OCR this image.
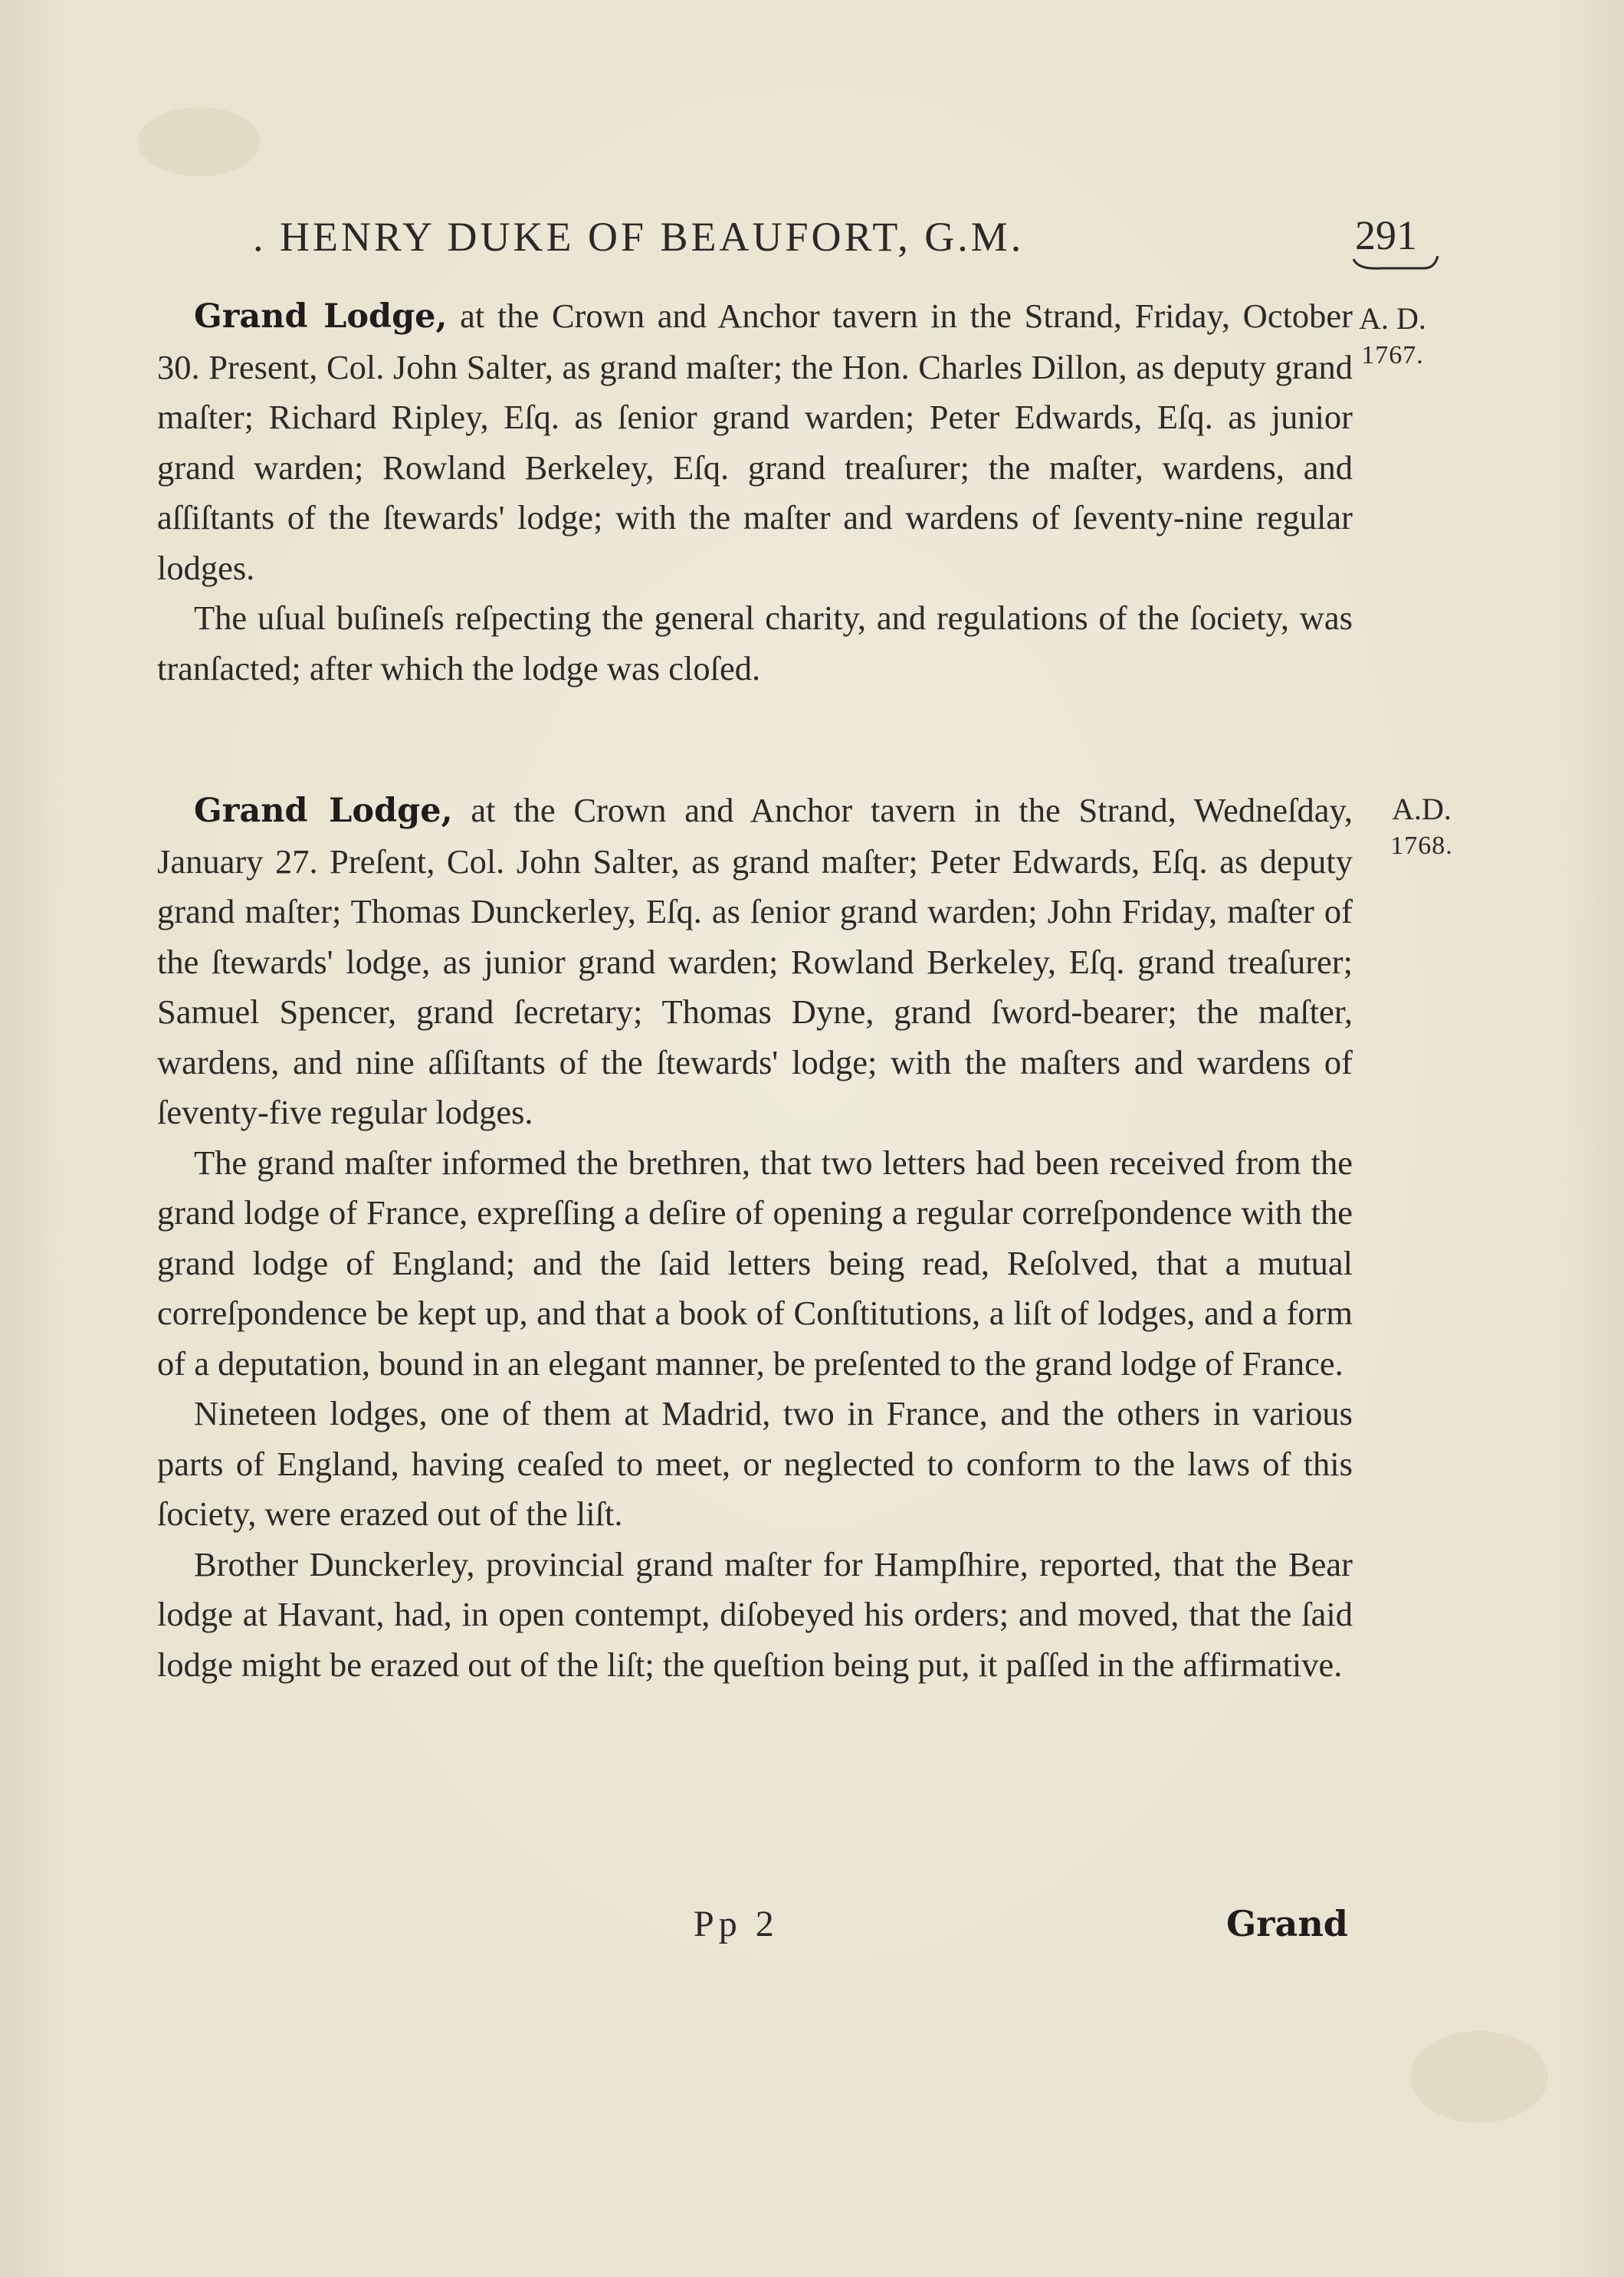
. HENRY DUKE OF BEAUFORT, G.M.	291
A. D.
1767.
A.D.
1768.

Grand Lodge, at the Crown and Anchor tavern in the Strand, Friday, October 30. Present, Col. John Salter, as grand maſter; the Hon. Charles Dillon, as deputy grand maſter; Richard Ripley, Eſq. as ſenior grand warden; Peter Edwards, Eſq. as junior grand warden; Rowland Berkeley, Eſq. grand treaſurer; the maſter, wardens, and aſſiſtants of the ſtewards' lodge; with the maſter and wardens of ſeventy-nine regular lodges.

The uſual buſineſs reſpecting the general charity, and regulations of the ſociety, was tranſacted; after which the lodge was cloſed.

Grand Lodge, at the Crown and Anchor tavern in the Strand, Wedneſday, January 27. Preſent, Col. John Salter, as grand maſter; Peter Edwards, Eſq. as deputy grand maſter; Thomas Dunckerley, Eſq. as ſenior grand warden; John Friday, maſter of the ſtewards' lodge, as junior grand warden; Rowland Berkeley, Eſq. grand treaſurer; Samuel Spencer, grand ſecretary; Thomas Dyne, grand ſword-bearer; the maſter, wardens, and nine aſſiſtants of the ſtewards' lodge; with the maſters and wardens of ſeventy-five regular lodges.

The grand maſter informed the brethren, that two letters had been received from the grand lodge of France, expreſſing a deſire of opening a regular correſpondence with the grand lodge of England; and the ſaid letters being read, Reſolved, that a mutual correſpondence be kept up, and that a book of Conſtitutions, a liſt of lodges, and a form of a deputation, bound in an elegant manner, be preſented to the grand lodge of France.

Nineteen lodges, one of them at Madrid, two in France, and the others in various parts of England, having ceaſed to meet, or neglected to conform to the laws of this ſociety, were erazed out of the liſt.

Brother Dunckerley, provincial grand maſter for Hampſhire, reported, that the Bear lodge at Havant, had, in open contempt, diſobeyed his orders; and moved, that the ſaid lodge might be erazed out of the liſt; the queſtion being put, it paſſed in the affirmative.

Pp 2	Grand
